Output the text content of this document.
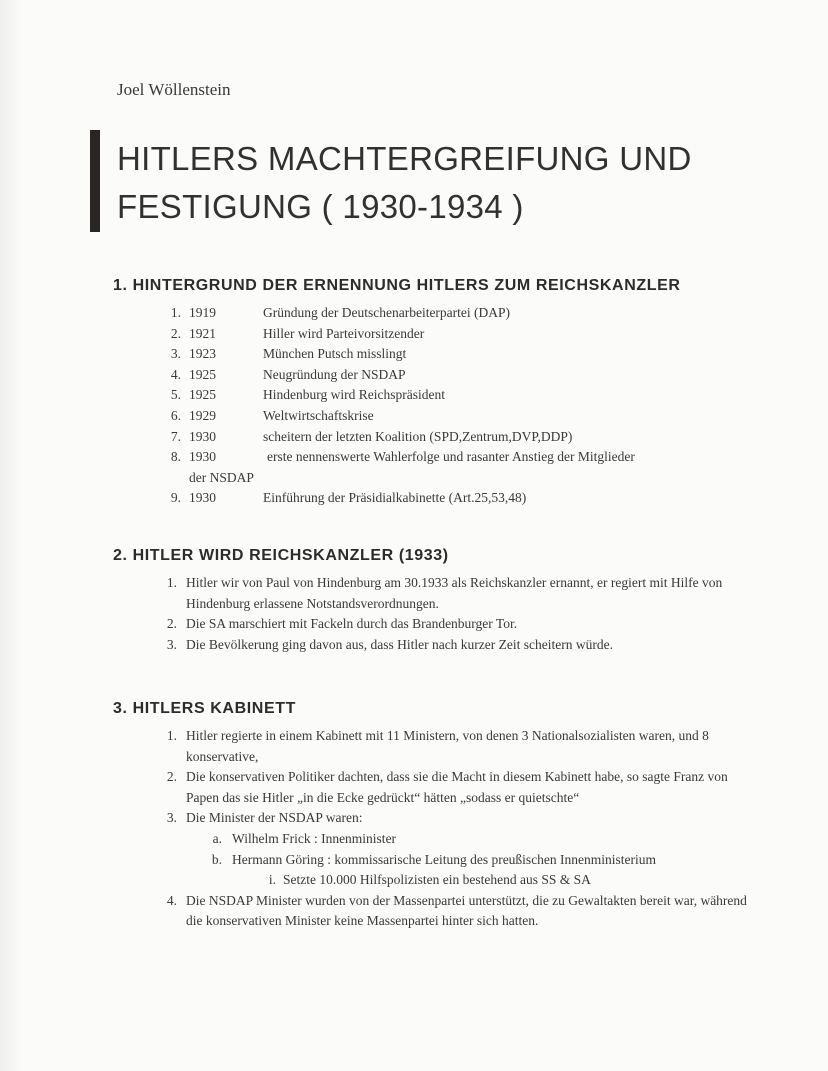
Joel Wöllenstein
HITLERS MACHTERGREIFUNG UND
FESTIGUNG ( 1930-1934 )
1. HINTERGRUND DER ERNENNUNG HITLERS ZUM REICHSKANZLER
1. 1919	Gründung der Deutschenarbeiterpartei (DAP)
2. 1921	Hiller wird Parteivorsitzender
3. 1923	München Putsch misslingt
4. 1925	Neugründung der NSDAP
5. 1925	Hindenburg wird Reichspräsident
6. 1929	Weltwirtschaftskrise
7. 1930	scheitern der letzten Koalition (SPD,Zentrum,DVP,DDP)
8. 1930	erste nennenswerte Wahlerfolge und rasanter Anstieg der Mitglieder
der NSDAP
9. 1930	Einführung der Präsidialkabinette (Art.25,53,48)
2. HITLER WIRD REICHSKANZLER (1933)
1. Hitler wir von Paul von Hindenburg am 30.1933 als Reichskanzler ernannt, er regiert mit Hilfe von Hindenburg erlassene Notstandsverordnungen.
2. Die SA marschiert mit Fackeln durch das Brandenburger Tor.
3. Die Bevölkerung ging davon aus, dass Hitler nach kurzer Zeit scheitern würde.
3. HITLERS KABINETT
1. Hitler regierte in einem Kabinett mit 11 Ministern, von denen 3 Nationalsozialisten waren, und 8 konservative,
2. Die konservativen Politiker dachten, dass sie die Macht in diesem Kabinett habe, so sagte Franz von Papen das sie Hitler „in die Ecke gedrückt“ hätten „sodass er quietschte“
3. Die Minister der NSDAP waren:
a. Wilhelm Frick : Innenminister
b. Hermann Göring : kommissarische Leitung des preußischen Innenministerium
i. Setzte 10.000 Hilfspolizisten ein bestehend aus SS & SA
4. Die NSDAP Minister wurden von der Massenpartei unterstützt, die zu Gewaltakten bereit war, während die konservativen Minister keine Massenpartei hinter sich hatten.
